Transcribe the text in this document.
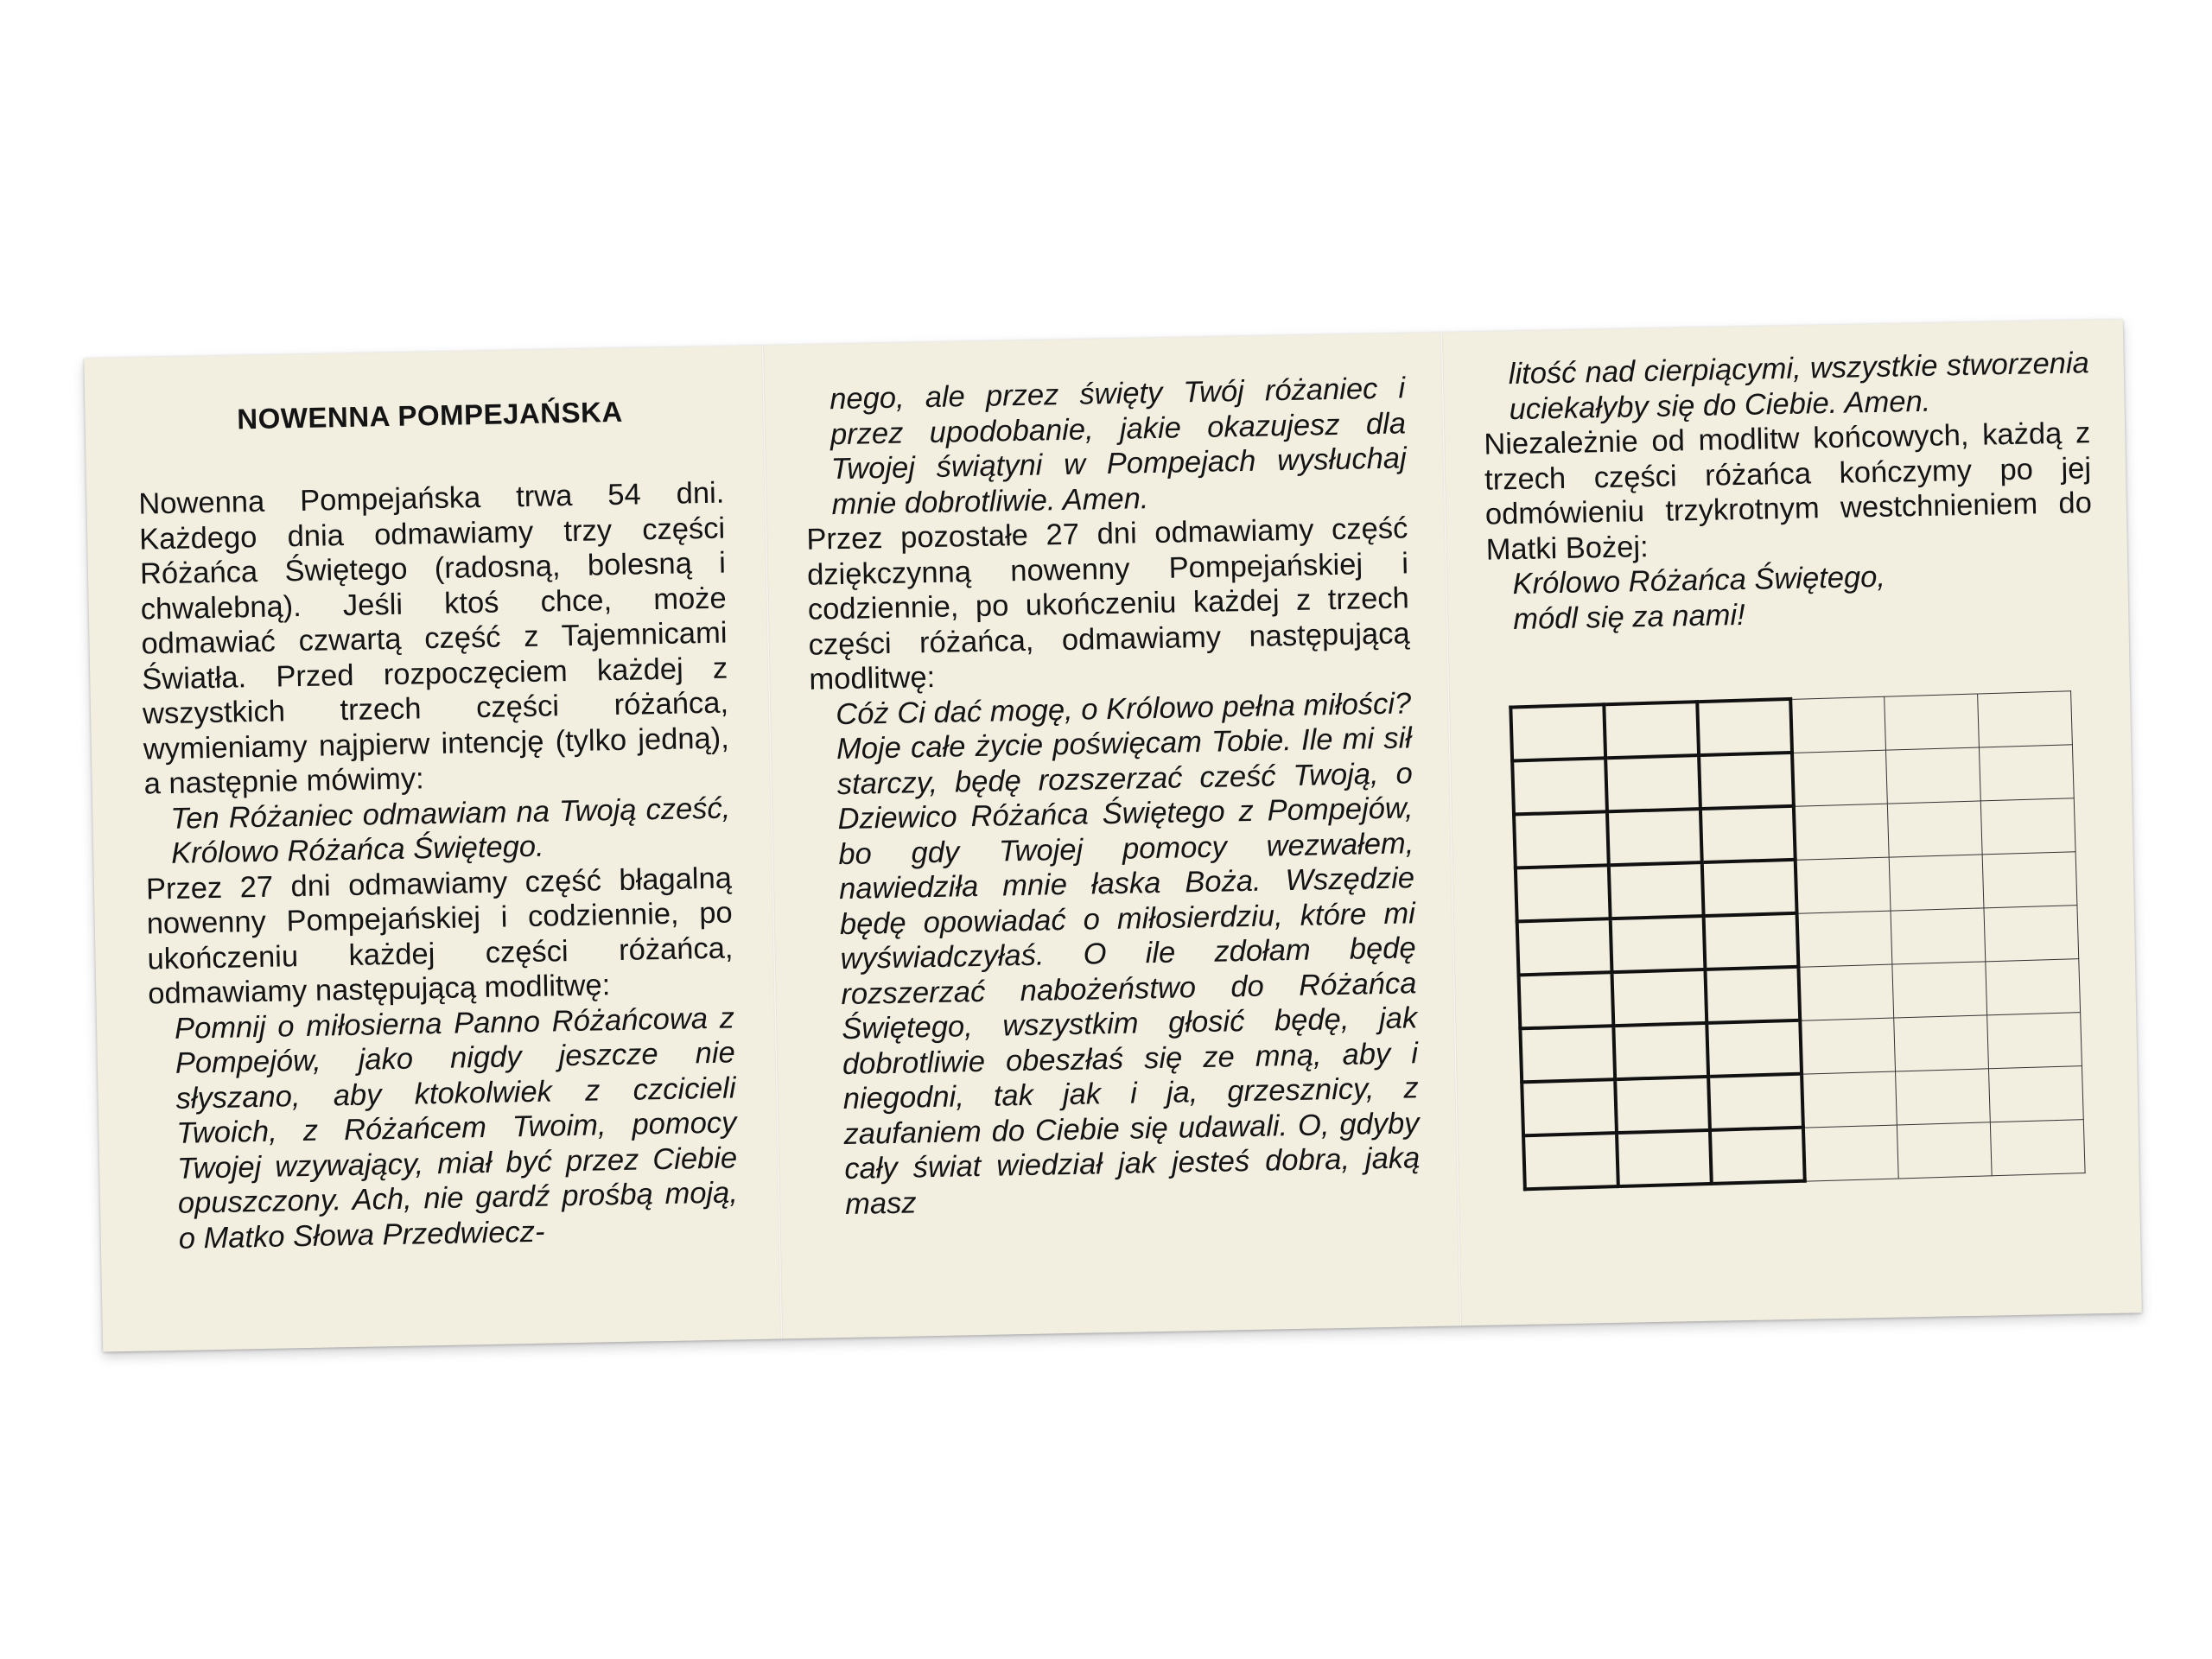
NOWENNA POMPEJAŃSKA

Nowenna Pompejańska trwa 54 dni. Każdego dnia odmawiamy trzy części Różańca Świętego (radosną, bolesną i chwalebną). Jeśli ktoś chce, może odmawiać czwartą część z Tajemnicami Światła. Przed rozpoczęciem każdej z wszystkich trzech części różańca, wymieniamy najpierw intencję (tylko jedną), a następnie mówimy:

Ten Różaniec odmawiam na Twoją cześć, Królowo Różańca Świętego.

Przez 27 dni odmawiamy część błagalną nowenny Pompejańskiej i codziennie, po ukończeniu każdej części różańca, odmawiamy następującą modlitwę:

Pomnij o miłosierna Panno Różańcowa z Pompejów, jako nigdy jeszcze nie słyszano, aby ktokolwiek z czcicieli Twoich, z Różańcem Twoim, pomocy Twojej wzywający, miał być przez Ciebie opuszczony. Ach, nie gardź prośbą moją, o Matko Słowa Przedwiecz-

nego, ale przez święty Twój różaniec i przez upodobanie, jakie okazujesz dla Twojej świątyni w Pompejach wysłuchaj mnie dobrotliwie. Amen.

Przez pozostałe 27 dni odmawiamy część dziękczynną nowenny Pompejańskiej i codziennie, po ukończeniu każdej z trzech części różańca, odmawiamy następującą modlitwę:

Cóż Ci dać mogę, o Królowo pełna miłości? Moje całe życie poświęcam Tobie. Ile mi sił starczy, będę rozszerzać cześć Twoją, o Dziewico Różańca Świętego z Pompejów, bo gdy Twojej pomocy wezwałem, nawiedziła mnie łaska Boża. Wszędzie będę opowiadać o miłosierdziu, które mi wyświadczyłaś. O ile zdołam będę rozszerzać nabożeństwo do Różańca Świętego, wszystkim głosić będę, jak dobrotliwie obeszłaś się ze mną, aby i niegodni, tak jak i ja, grzesznicy, z zaufaniem do Ciebie się udawali. O, gdyby cały świat wiedział jak jesteś dobra, jaką masz

litość nad cierpiącymi, wszystkie stworzenia uciekałyby się do Ciebie. Amen.

Niezależnie od modlitw końcowych, każdą z trzech części różańca kończymy po jej odmówieniu trzykrotnym westchnieniem do Matki Bożej:

Królowo Różańca Świętego,

módl się za nami!
